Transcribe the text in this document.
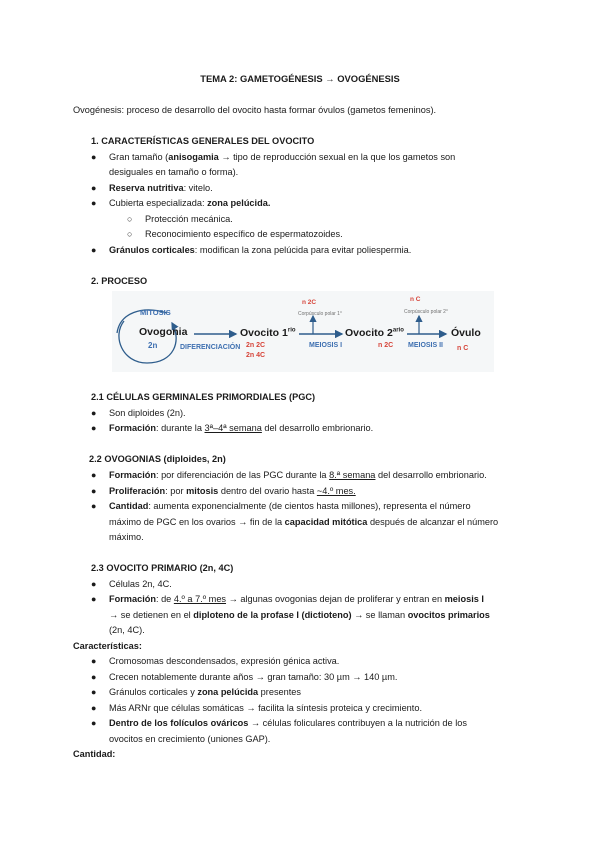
TEMA 2: GAMETOGÉNESIS → OVOGÉNESIS
Ovogénesis: proceso de desarrollo del ovocito hasta formar óvulos (gametos femeninos).
1. CARACTERÍSTICAS GENERALES DEL OVOCITO
● Gran tamaño (anisogamia → tipo de reproducción sexual en la que los gametos son
desiguales en tamaño o forma).
● Reserva nutritiva: vitelo.
● Cubierta especializada: zona pelúcida.
○ Protección mecánica.
○ Reconocimiento específico de espermatozoides.
● Gránulos corticales: modifican la zona pelúcida para evitar poliespermia.
2. PROCESO
MITOSIS
Ovogonia
2n	DIFERENCIACIÓN
Ovocito $1^{rio}$
2n 2C
2n 4C
n 2C
Corpúsculo polar 1°
MEIOSIS I
Ovocito $2^{ario}$
n 2C
n C
Corpúsculo polar 2°
MEIOSIS II
Óvulo
n C
2.1 CÉLULAS GERMINALES PRIMORDIALES (PGC)
● Son diploides (2n).
● Formación: durante la 3ª–4ª semana del desarrollo embrionario.
2.2 OVOGONIAS (diploides, 2n)
● Formación: por diferenciación de las PGC durante la 8.ª semana del desarrollo embrionario.
● Proliferación: por mitosis dentro del ovario hasta ~4.º mes.
● Cantidad: aumenta exponencialmente (de cientos hasta millones), representa el número
máximo de PGC en los ovarios → fin de la capacidad mitótica después de alcanzar el número
máximo.
2.3 OVOCITO PRIMARIO (2n, 4C)
● Células 2n, 4C.
● Formación: de 4.º a 7.º mes → algunas ovogonias dejan de proliferar y entran en meiosis I
→ se detienen en el diploteno de la profase I (dictioteno) → se llaman ovocitos primarios
(2n, 4C).
Características:
● Cromosomas descondensados, expresión génica activa.
● Crecen notablemente durante años → gran tamaño: 30 µm → 140 µm.
● Gránulos corticales y zona pelúcida presentes
● Más ARNr que células somáticas → facilita la síntesis proteica y crecimiento.
● Dentro de los folículos ováricos → células foliculares contribuyen a la nutrición de los
ovocitos en crecimiento (uniones GAP).
Cantidad:
